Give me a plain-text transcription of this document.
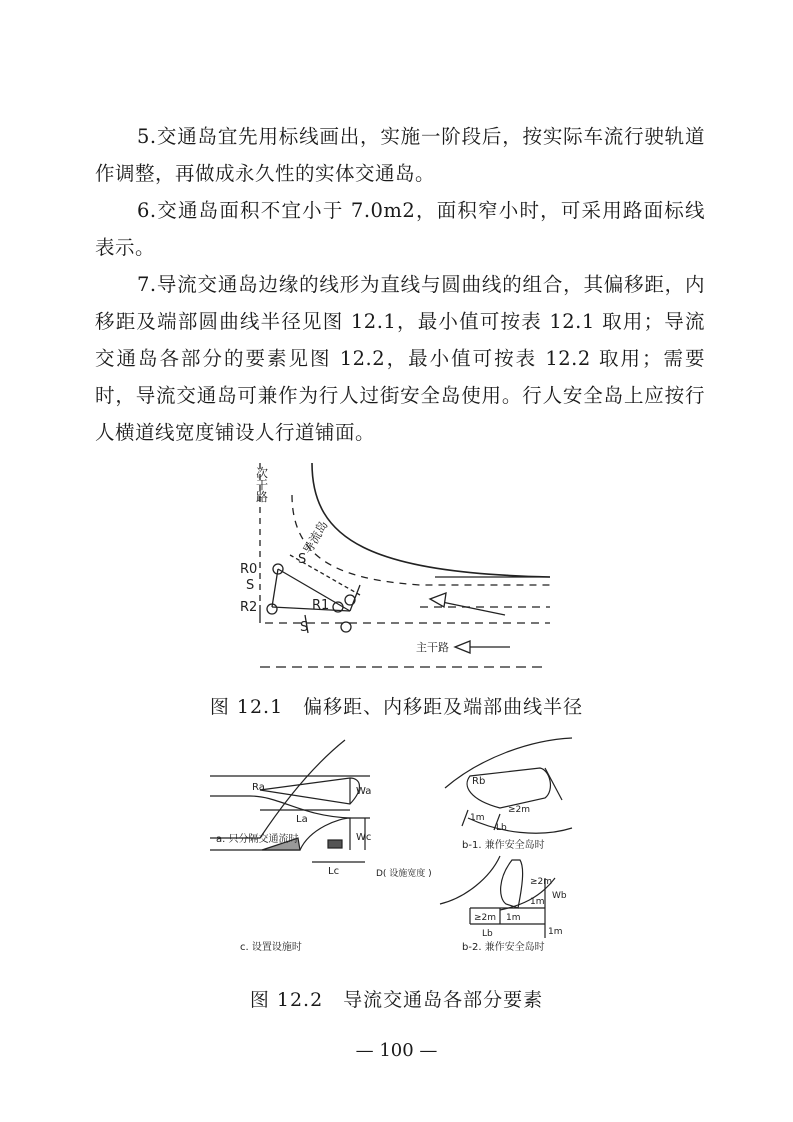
5.交通岛宜先用标线画出，实施一阶段后，按实际车流行驶轨道作调整，再做成永久性的实体交通岛。

6.交通岛面积不宜小于 7.0m2，面积窄小时，可采用路面标线表示。

7.导流交通岛边缘的线形为直线与圆曲线的组合，其偏移距，内移距及端部圆曲线半径见图 12.1，最小值可按表 12.1 取用；导流交通岛各部分的要素见图 12.2，最小值可按表 12.2 取用；需要时，导流交通岛可兼作为行人过街安全岛使用。行人安全岛上应按行人横道线宽度铺设人行道铺面。

次
干
路
导流岛
S
R0
S
R2	R1
S
主干路
图 12.1　偏移距、内移距及端部曲线半径
Ra	Wa
La
a. 只分隔交通流时
Rb
1m
≥2m
Lb
b-1. 兼作安全岛时
Wc
Lc	D( 设施宽度 )
c. 设置设施时
≥2m
1m
Wb
≥2m 1m
Lb	1m
b-2. 兼作安全岛时
图 12.2　导流交通岛各部分要素
— 100 —
